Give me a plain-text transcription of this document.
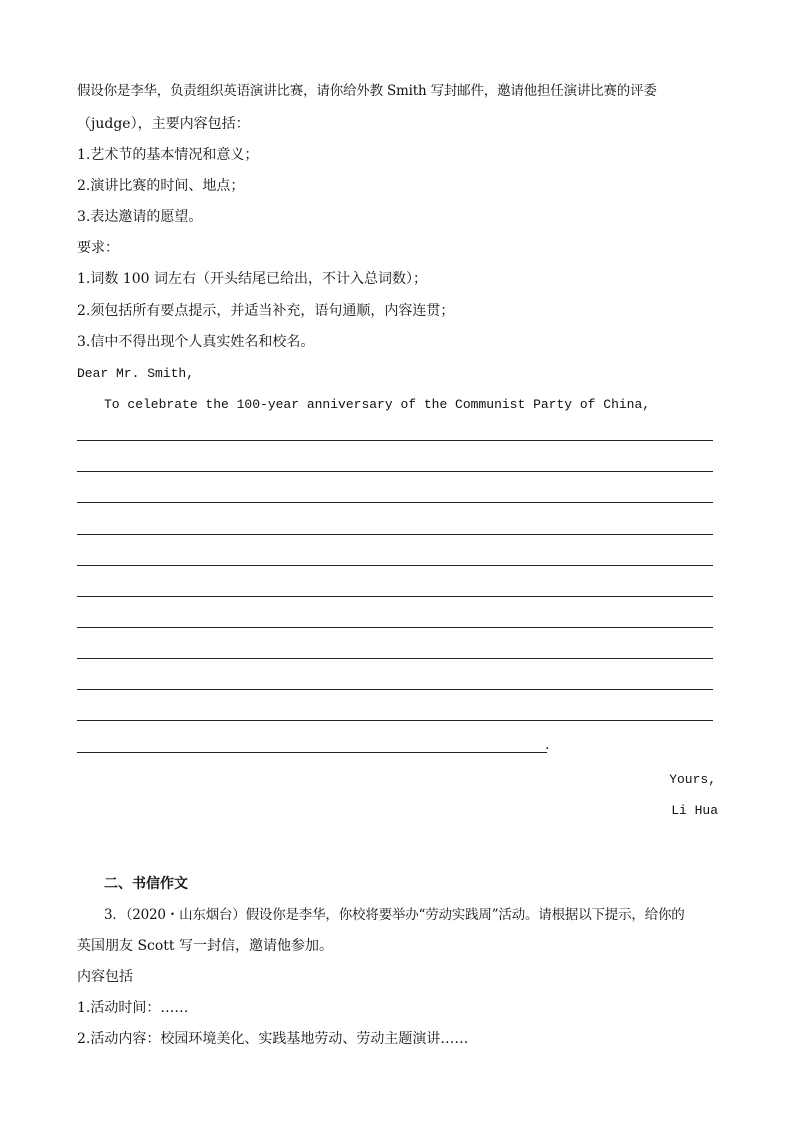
假设你是李华，负责组织英语演讲比赛，请你给外教 Smith 写封邮件，邀请他担任演讲比赛的评委
（judge），主要内容包括：
1.艺术节的基本情况和意义；
2.演讲比赛的时间、地点；
3.表达邀请的愿望。
要求：
1.词数 100 词左右（开头结尾已给出，不计入总词数）；
2.须包括所有要点提示，并适当补充，语句通顺，内容连贯；
3.信中不得出现个人真实姓名和校名。
Dear Mr. Smith,
To celebrate the 100-year anniversary of the Communist Party of China,
.
Yours,
Li Hua
二、书信作文
3．（2020・山东烟台）假设你是李华，你校将要举办“劳动实践周”活动。请根据以下提示，给你的
英国朋友 Scott 写一封信，邀请他参加。
内容包括
1.活动时间：……
2.活动内容：校园环境美化、实践基地劳动、劳动主题演讲……
